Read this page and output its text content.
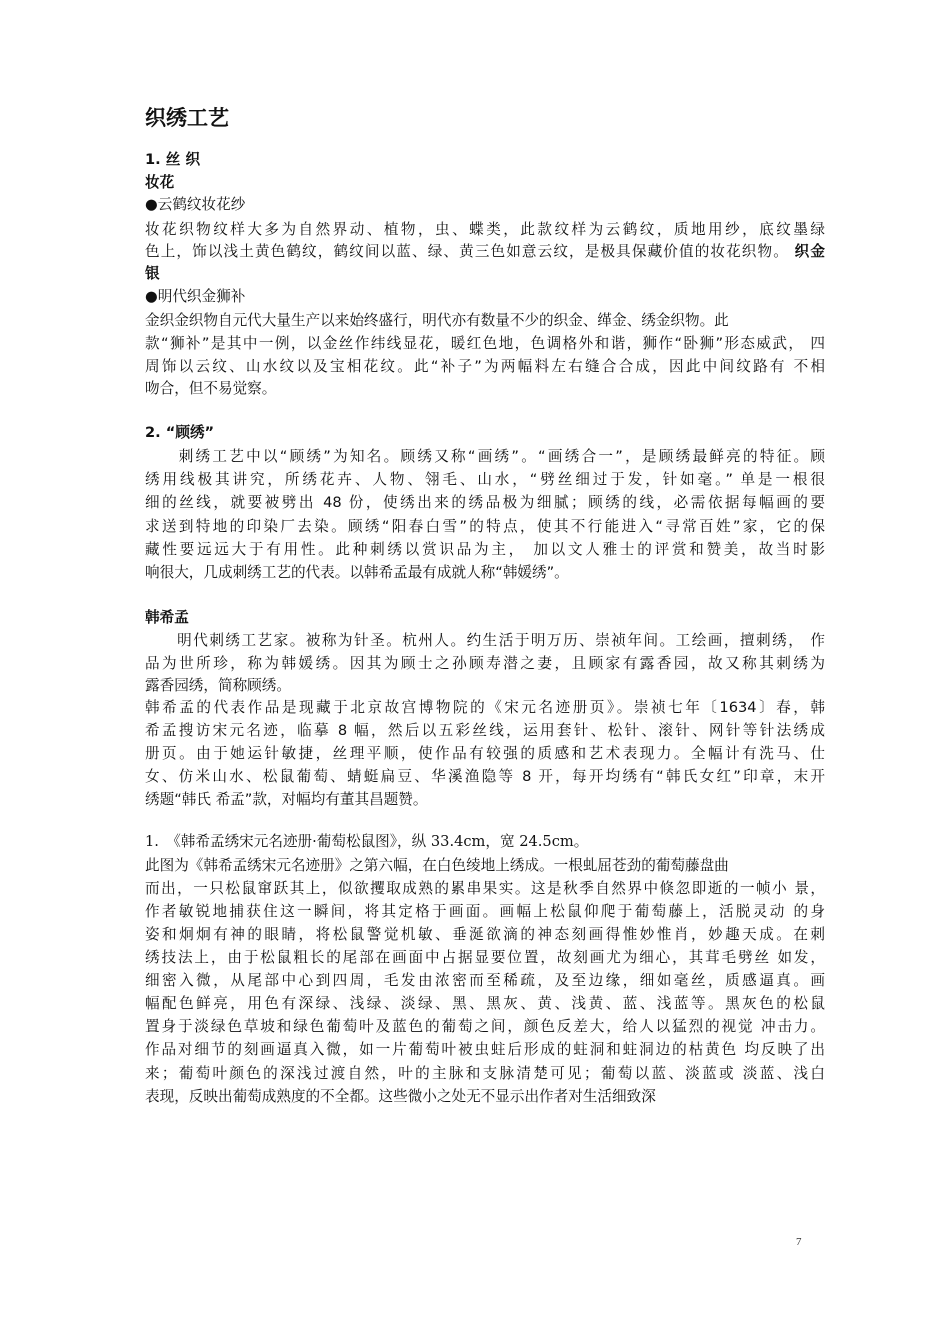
织绣工艺
1. 丝 织
妆花
●云鹤纹妆花纱
妆花织物纹样大多为自然界动、植物，虫、蝶类，此款纹样为云鹤纹，质地用纱，底纹墨绿
色上，饰以浅土黄色鹤纹，鹤纹间以蓝、绿、黄三色如意云纹，是极具保藏价值的妆花织物。 织金
银
●明代织金狮补
金织金织物自元代大量生产以来始终盛行，明代亦有数量不少的织金、缂金、绣金织物。此
款“狮补”是其中一例，以金丝作纬线显花，暖红色地，色调格外和谐，狮作“卧狮”形态威武， 四
周饰以云纹、山水纹以及宝相花纹。此“补子”为两幅料左右缝合合成，因此中间纹路有 不相
吻合，但不易觉察。
2. “顾绣”
　　刺绣工艺中以“顾绣”为知名。顾绣又称“画绣”。“画绣合一”，是顾绣最鲜亮的特征。顾
绣用线极其讲究，所绣花卉、人物、翎毛、山水，“劈丝细过于发，针如毫。” 单是一根很
细的丝线，就要被劈出 48 份，使绣出来的绣品极为细腻；顾绣的线，必需依据每幅画的要
求送到特地的印染厂去染。顾绣“阳春白雪”的特点，使其不行能进入“寻常百姓”家，它的保
藏性要远远大于有用性。此种刺绣以赏识品为主， 加以文人雅士的评赏和赞美，故当时影
响很大，几成刺绣工艺的代表。以韩希孟最有成就人称“韩媛绣”。
韩希孟
　　明代刺绣工艺家。被称为针圣。杭州人。约生活于明万历、崇祯年间。工绘画，擅刺绣， 作
品为世所珍，称为韩媛绣。因其为顾士之孙顾寿潜之妻，且顾家有露香园，故又称其刺绣为
露香园绣，简称顾绣。
韩希孟的代表作品是现藏于北京故宫博物院的《宋元名迹册页》。崇祯七年〔1634〕春，韩
希孟搜访宋元名迹，临摹 8 幅，然后以五彩丝线，运用套针、松针、滚针、网针等针法绣成
册页。由于她运针敏捷，丝理平顺，使作品有较强的质感和艺术表现力。全幅计有洗马、仕
女、仿米山水、松鼠葡萄、蜻蜓扁豆、华溪渔隐等 8 开，每开均绣有“韩氏女红”印章，末开
绣题“韩氏 希孟”款，对幅均有董其昌题赞。
1.　《韩希孟绣宋元名迹册·葡萄松鼠图》，纵 33.4cm，宽 24.5cm。
此图为《韩希孟绣宋元名迹册》之第六幅，在白色绫地上绣成。一根虬屈苍劲的葡萄藤盘曲
而出，一只松鼠窜跃其上，似欲攫取成熟的累串果实。这是秋季自然界中倏忽即逝的一帧小 景，
作者敏锐地捕获住这一瞬间，将其定格于画面。画幅上松鼠仰爬于葡萄藤上，活脱灵动 的身
姿和炯炯有神的眼睛，将松鼠警觉机敏、垂涎欲滴的神态刻画得惟妙惟肖，妙趣天成。在刺
绣技法上，由于松鼠粗长的尾部在画面中占据显要位置，故刻画尤为细心，其茸毛劈丝 如发，
细密入微，从尾部中心到四周，毛发由浓密而至稀疏，及至边缘，细如毫丝，质感逼真。画
幅配色鲜亮，用色有深绿、浅绿、淡绿、黑、黑灰、黄、浅黄、蓝、浅蓝等。黑灰色的松鼠
置身于淡绿色草坡和绿色葡萄叶及蓝色的葡萄之间，颜色反差大，给人以猛烈的视觉 冲击力。
作品对细节的刻画逼真入微，如一片葡萄叶被虫蛀后形成的蛀洞和蛀洞边的枯黄色 均反映了出
来；葡萄叶颜色的深浅过渡自然，叶的主脉和支脉清楚可见；葡萄以蓝、淡蓝或 淡蓝、浅白
表现，反映出葡萄成熟度的不全都。这些微小之处无不显示出作者对生活细致深
7
